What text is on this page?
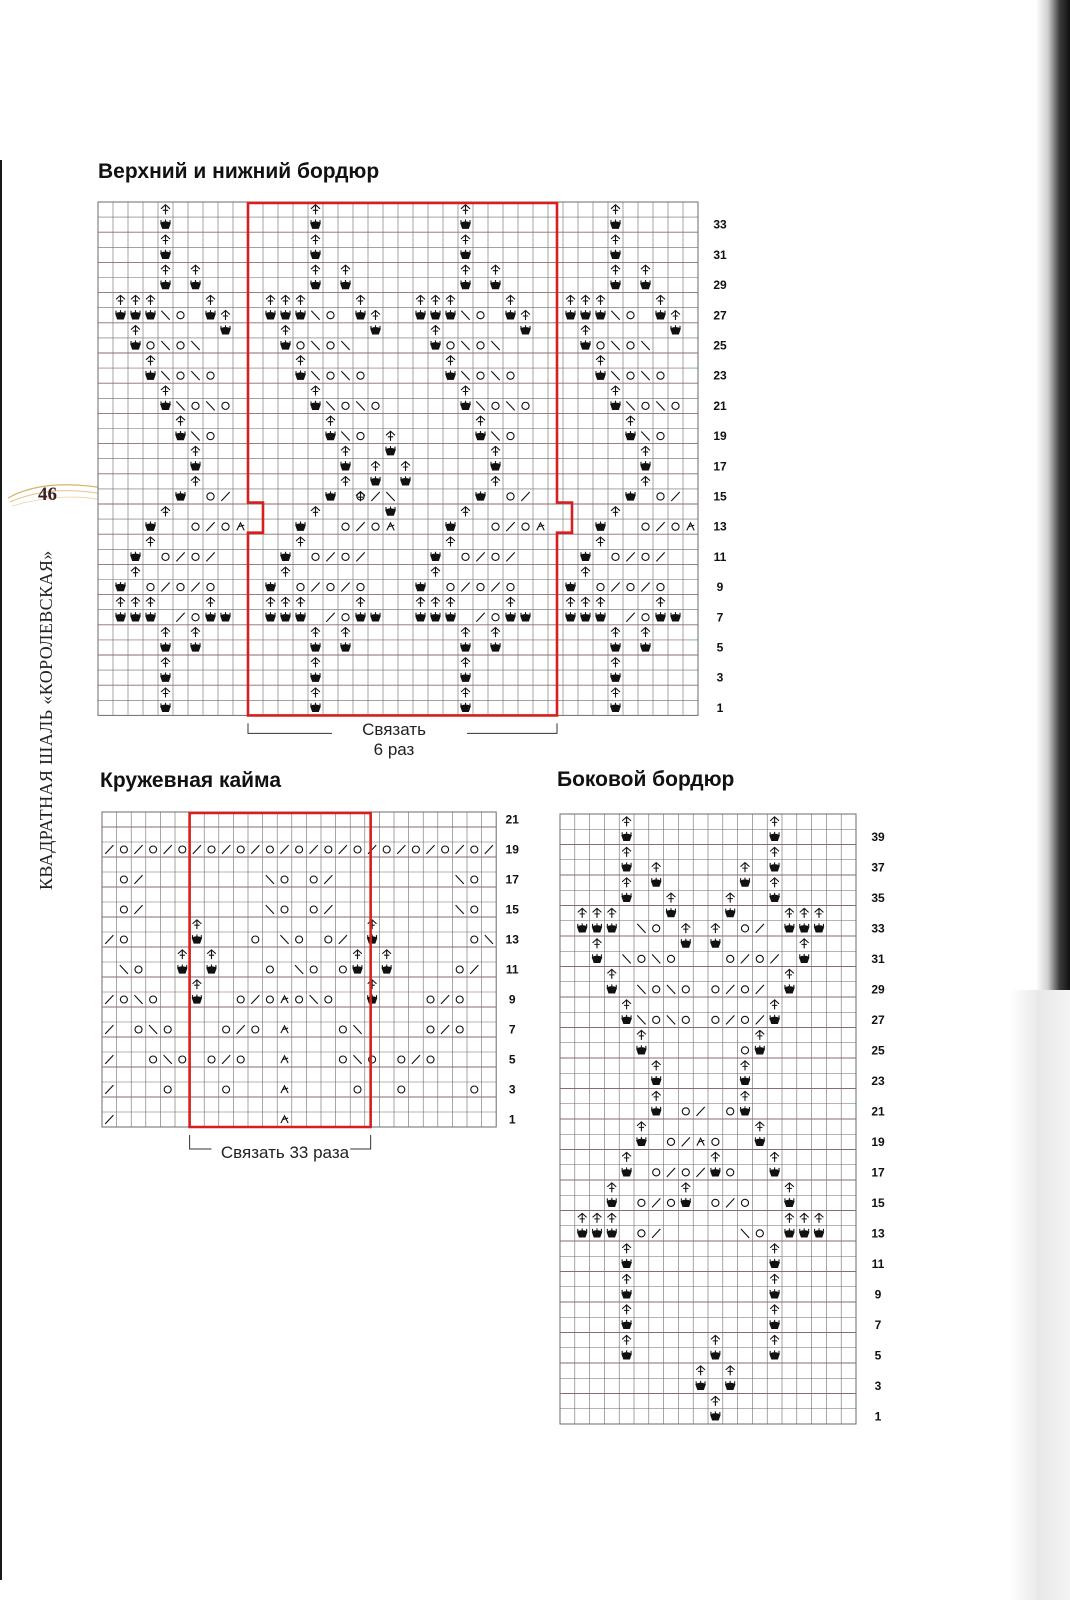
46
КВАДРАТНАЯ ШАЛЬ «КОРОЛЕВСКАЯ»
Верхний и нижний бордюр
33
31
29
27
25
23
21
19
17
15
13
11
9
7
5
3
1
Связать
6 раз
Кружевная кайма
21
19
17
15
13
11
9
7
5
3
1
Связать 33 раза
Боковой бордюр
39
37
35
33
31
29
27
25
23
21
19
17
15
13
11
9
7
5
3
1
